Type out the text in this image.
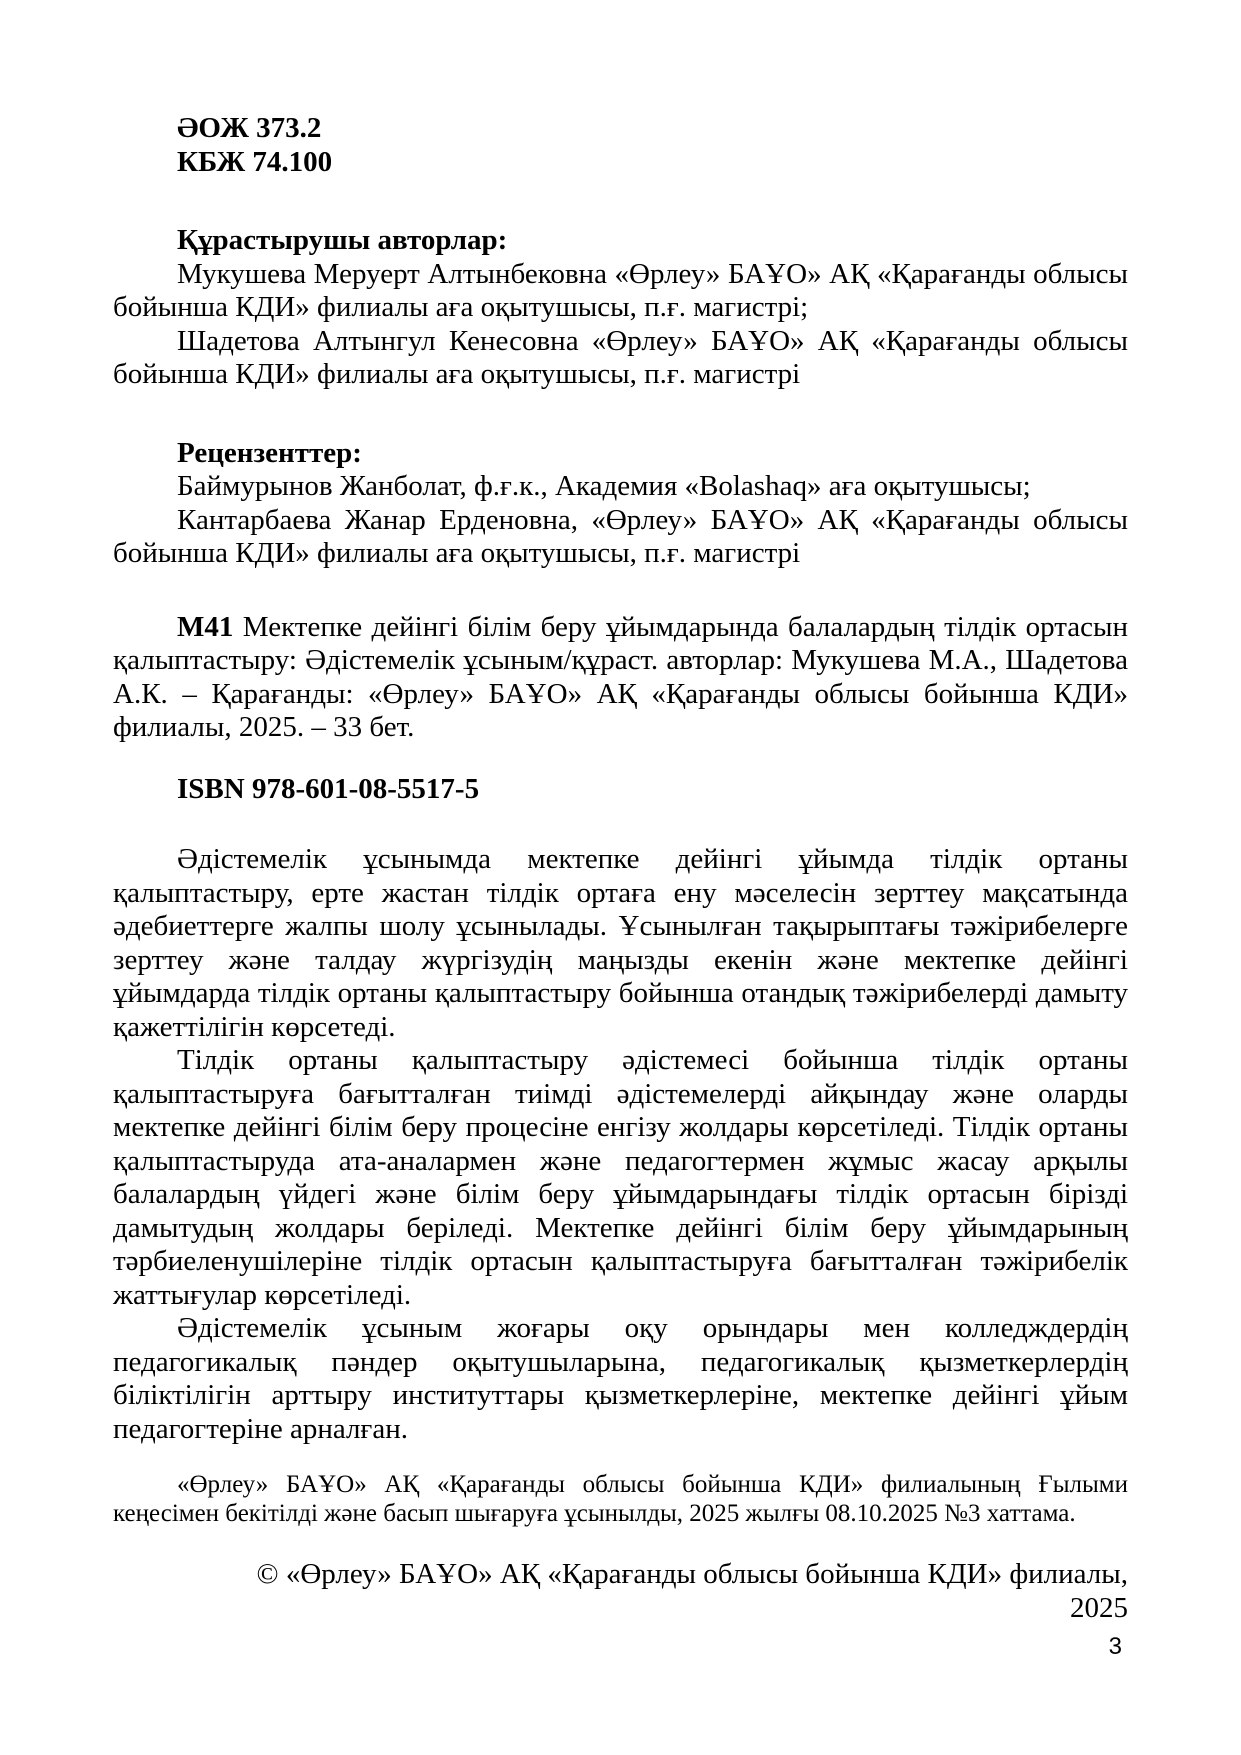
ӘОЖ 373.2

КБЖ 74.100

Құрастырушы авторлар:

Мукушева Меруерт Алтынбековна «Өрлеу» БАҰО» АҚ «Қарағанды облысы бойынша КДИ» филиалы аға оқытушысы, п.ғ. магистрі;

Шадетова Алтынгул Кенесовна «Өрлеу» БАҰО» АҚ «Қарағанды облысы бойынша КДИ» филиалы аға оқытушысы, п.ғ. магистрі

Рецензенттер:

Баймурынов Жанболат, ф.ғ.к., Академия «Bolashaq» аға оқытушысы;

Кантарбаева Жанар Ерденовна, «Өрлеу» БАҰО» АҚ «Қарағанды облысы бойынша КДИ» филиалы аға оқытушысы, п.ғ. магистрі

М41 Мектепке дейінгі білім беру ұйымдарында балалардың тілдік ортасын қалыптастыру: Әдістемелік ұсыным/құраст. авторлар: Мукушева М.А., Шадетова А.К. – Қарағанды: «Өрлеу» БАҰО» АҚ «Қарағанды облысы бойынша КДИ» филиалы, 2025. – 33 бет.

ISBN 978-601-08-5517-5

Әдістемелік ұсынымда мектепке дейінгі ұйымда тілдік ортаны қалыптастыру, ерте жастан тілдік ортаға ену мәселесін зерттеу мақсатында әдебиеттерге жалпы шолу ұсынылады. Ұсынылған тақырыптағы тәжірибелерге зерттеу және талдау жүргізудің маңызды екенін және мектепке дейінгі ұйымдарда тілдік ортаны қалыптастыру бойынша отандық тәжірибелерді дамыту қажеттілігін көрсетеді.

Тілдік ортаны қалыптастыру әдістемесі бойынша тілдік ортаны қалыптастыруға бағытталған тиімді әдістемелерді айқындау және оларды мектепке дейінгі білім беру процесіне енгізу жолдары көрсетіледі. Тілдік ортаны қалыптастыруда ата-аналармен және педагогтермен жұмыс жасау арқылы балалардың үйдегі және білім беру ұйымдарындағы тілдік ортасын бірізді дамытудың жолдары беріледі. Мектепке дейінгі білім беру ұйымдарының тәрбиеленушілеріне тілдік ортасын қалыптастыруға бағытталған тәжірибелік жаттығулар көрсетіледі.

Әдістемелік ұсыным жоғары оқу орындары мен колледждердің педагогикалық пәндер оқытушыларына, педагогикалық қызметкерлердің біліктілігін арттыру институттары қызметкерлеріне, мектепке дейінгі ұйым педагогтеріне арналған.

«Өрлеу» БАҰО» АҚ «Қарағанды облысы бойынша КДИ» филиалының Ғылыми кеңесімен бекітілді және басып шығаруға ұсынылды, 2025 жылғы 08.10.2025 №3 хаттама.

© «Өрлеу» БАҰО» АҚ «Қарағанды облысы бойынша КДИ» филиалы,

2025

3
